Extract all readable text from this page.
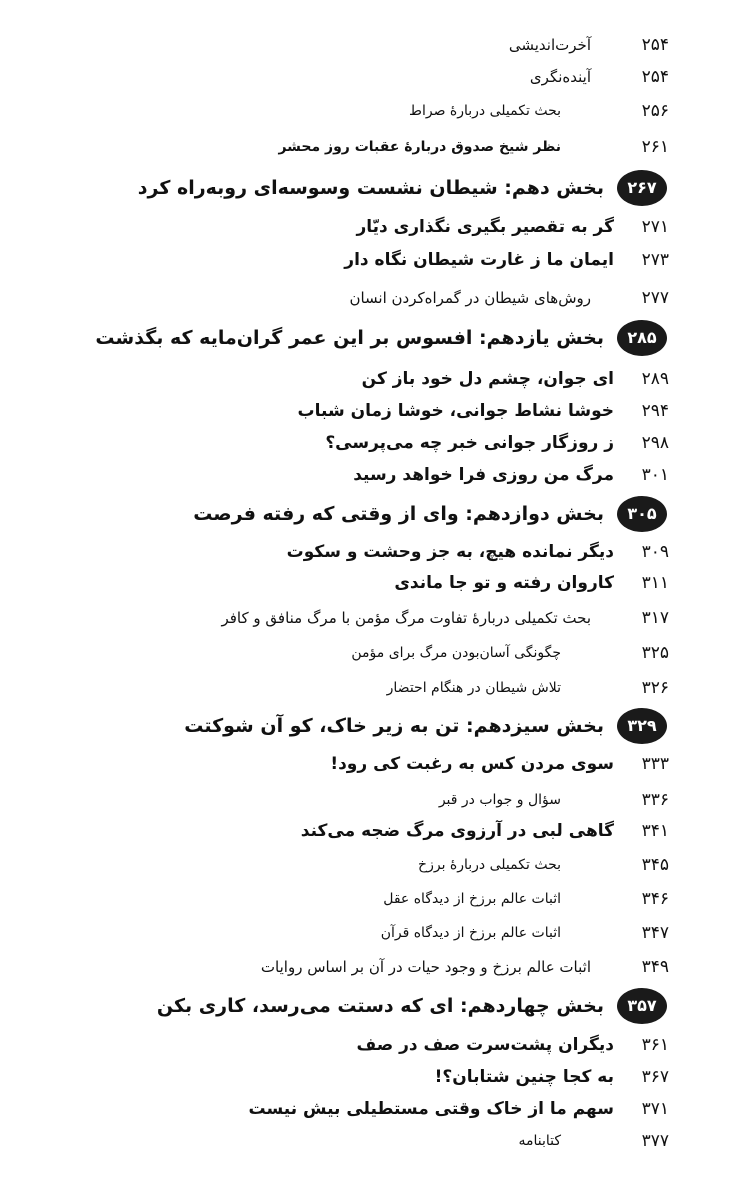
۲۵۴
آخرت‌اندیشی
۲۵۴
آینده‌نگری
۲۵۶
بحث تکمیلی دربارهٔ صراط
۲۶۱
نظر شیخ صدوق دربارهٔ عقبات روز محشر
۲۶۷
بخش دهم: شیطان نشست وسوسه‌ای روبه‌راه کرد
۲۷۱
گر به تقصیر بگیری نگذاری دیّار
۲۷۳
ایمان ما ز غارت شیطان نگاه دار
۲۷۷
روش‌های شیطان در گمراه‌کردن انسان
۲۸۵
بخش یازدهم: افسوس بر این عمر گران‌مایه که بگذشت
۲۸۹
ای جوان، چشم دل خود باز کن
۲۹۴
خوشا نشاط جوانی، خوشا زمان شباب
۲۹۸
ز روزگار جوانی خبر چه می‌پرسی؟
۳۰۱
مرگ من روزی فرا خواهد رسید
۳۰۵
بخش دوازدهم: وای از وقتی که رفته فرصت
۳۰۹
دیگر نمانده هیچ، به جز وحشت و سکوت
۳۱۱
کاروان رفته و تو جا ماندی
۳۱۷
بحث تکمیلی دربارهٔ تفاوت مرگ مؤمن با مرگ منافق و کافر
۳۲۵
چگونگی آسان‌بودن مرگ برای مؤمن
۳۲۶
تلاش شیطان در هنگام احتضار
۳۲۹
بخش سیزدهم: تن به زیر خاک، کو آن شوکتت
۳۳۳
سوی مردن کس به رغبت کی رود!
۳۳۶
سؤال و جواب در قبر
۳۴۱
گاهی لبی در آرزوی مرگ ضجه می‌کند
۳۴۵
بحث تکمیلی دربارهٔ برزخ
۳۴۶
اثبات عالم برزخ از دیدگاه عقل
۳۴۷
اثبات عالم برزخ از دیدگاه قرآن
۳۴۹
اثبات عالم برزخ و وجود حیات در آن بر اساس روایات
۳۵۷
بخش چهاردهم: ای که دستت می‌رسد، کاری بکن
۳۶۱
دیگران پشت‌سرت صف در صف
۳۶۷
به کجا چنین شتابان؟!
۳۷۱
سهم ما از خاک وقتی مستطیلی بیش نیست
۳۷۷
کتابنامه
